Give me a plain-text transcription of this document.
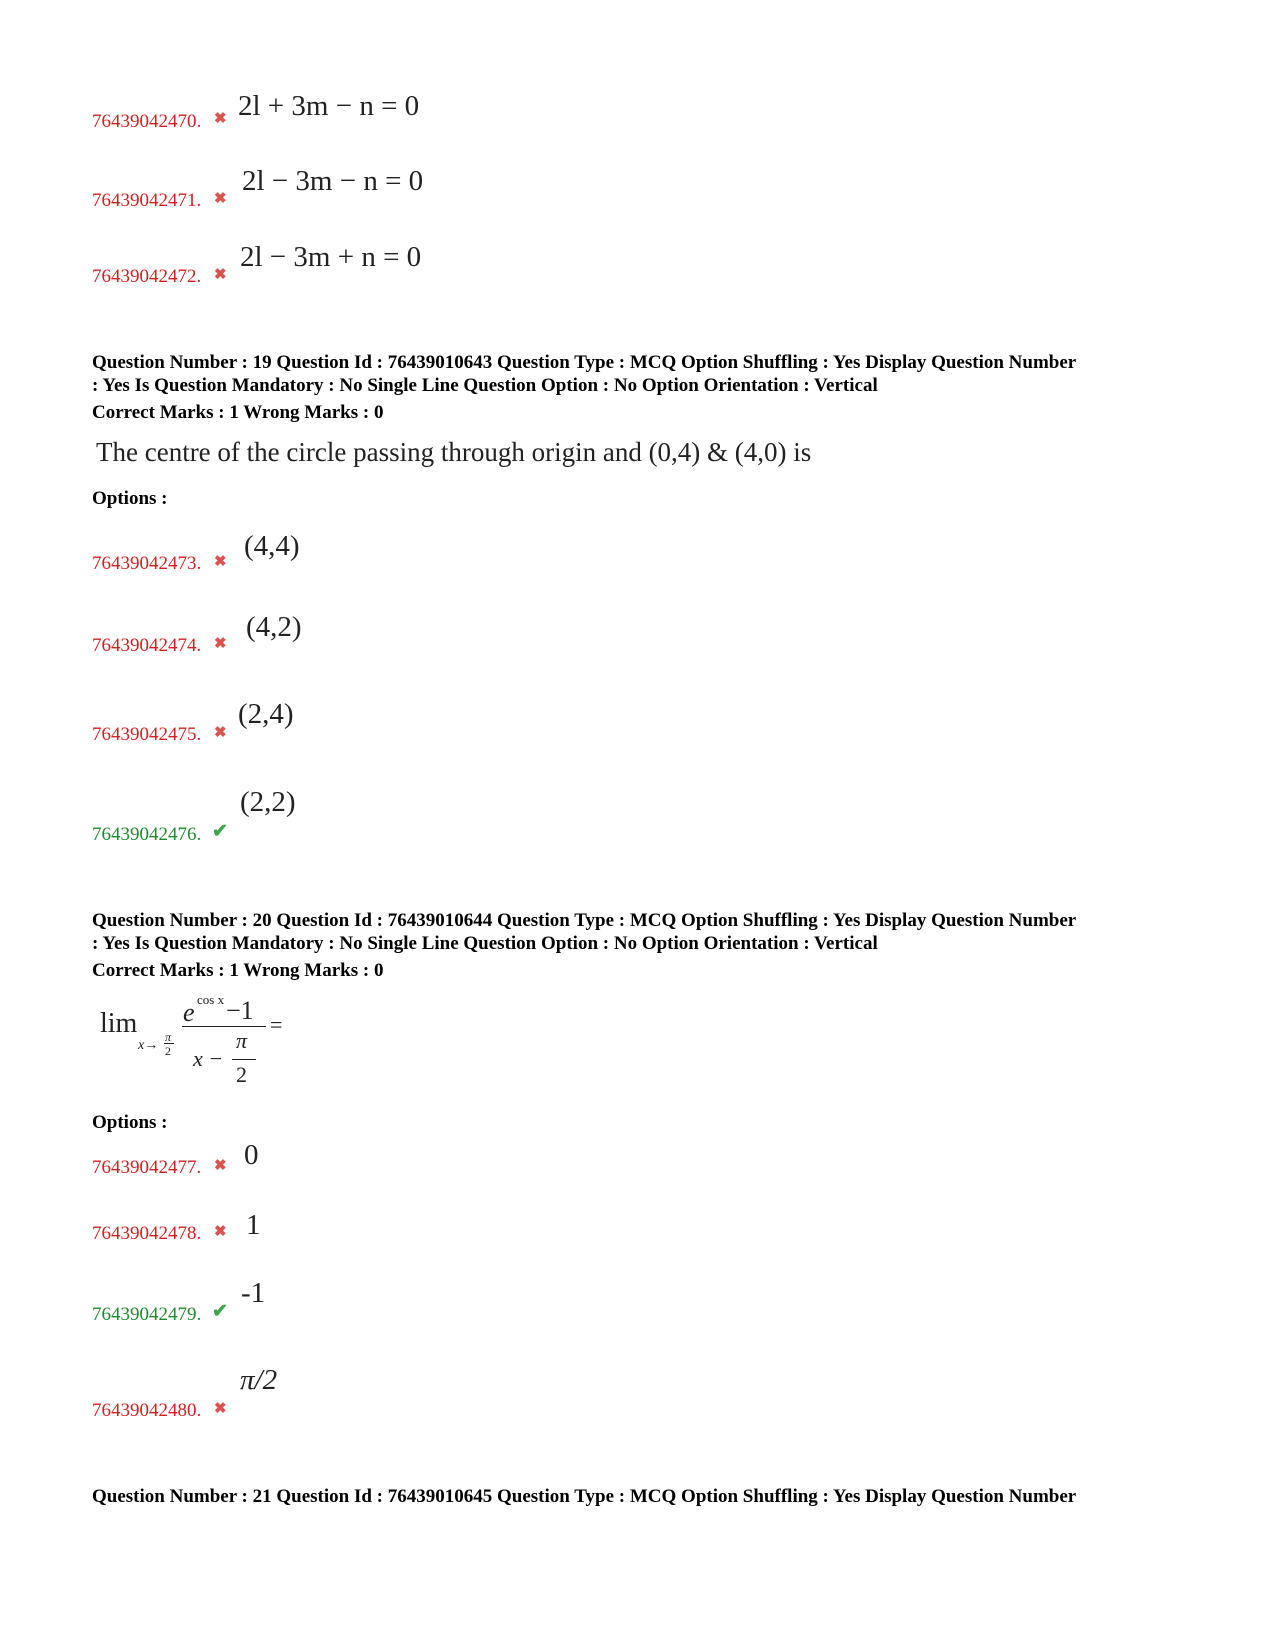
76439042470. ✖ 2l + 3m − n = 0
76439042471. ✖
2l − 3m − n = 0
76439042472. ✖
2l − 3m + n = 0
Question Number : 19 Question Id : 76439010643 Question Type : MCQ Option Shuffling : Yes Display Question Number
: Yes Is Question Mandatory : No Single Line Question Option : No Option Orientation : Vertical
Correct Marks : 1 Wrong Marks : 0
The centre of the circle passing through origin and (0,4) & (4,0) is
Options :
76439042473. ✖ (4,4)
76439042474. ✖
(4,2)
76439042475. ✖
(2,4)
76439042476. ✔
(2,2)
Question Number : 20 Question Id : 76439010644 Question Type : MCQ Option Shuffling : Yes Display Question Number
: Yes Is Question Mandatory : No Single Line Question Option : No Option Orientation : Vertical
Correct Marks : 1 Wrong Marks : 0
lim
x→
π
2
e cos x −1 =
x −
π
2
Options :
76439042477. ✖ 0
76439042478. ✖ 1
76439042479. ✔
-1
76439042480. ✖
π/2
Question Number : 21 Question Id : 76439010645 Question Type : MCQ Option Shuffling : Yes Display Question Number
